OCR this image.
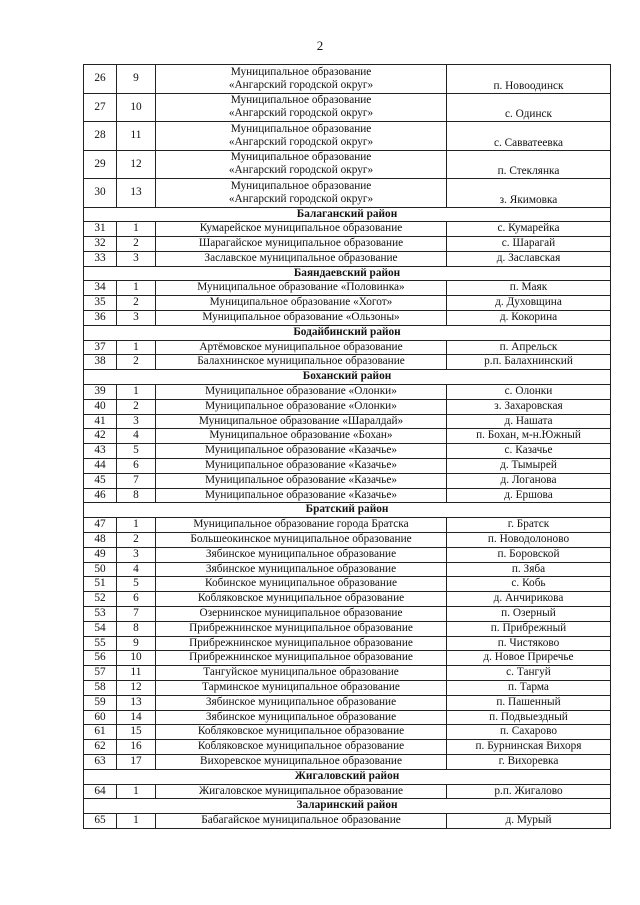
2
26	9	Муниципальное образование
«Ангарский городской округ»	п. Новоодинск
27	10	Муниципальное образование
«Ангарский городской округ»	с. Одинск
28	11	Муниципальное образование
«Ангарский городской округ»	с. Савватеевка
29	12	Муниципальное образование
«Ангарский городской округ»	п. Стеклянка
30	13	Муниципальное образование
«Ангарский городской округ»	з. Якимовка
Балаганский район			
31	1	Кумарейское муниципальное образование	с. Кумарейка
32	2	Шарагайское муниципальное образование	с. Шарагай
33	3	Заславское муниципальное образование	д. Заславская
Баяндаевский район			
34	1	Муниципальное образование «Половинка»	п. Маяк
35	2	Муниципальное образование «Хогот»	д. Духовщина
36	3	Муниципальное образование «Ользоны»	д. Кокорина
Бодайбинский район			
37	1	Артёмовское муниципальное образование	п. Апрельск
38	2	Балахнинское муниципальное образование	р.п. Балахнинский
Боханский район			
39	1	Муниципальное образование «Олонки»	с. Олонки
40	2	Муниципальное образование «Олонки»	з. Захаровская
41	3	Муниципальное образование «Шаралдай»	д. Нашата
42	4	Муниципальное образование «Бохан»	п. Бохан, м-н.Южный
43	5	Муниципальное образование «Казачье»	с. Казачье
44	6	Муниципальное образование «Казачье»	д. Тымырей
45	7	Муниципальное образование «Казачье»	д. Логанова
46	8	Муниципальное образование «Казачье»	д. Ершова
Братский район			
47	1	Муниципальное образование города Братска	г. Братск
48	2	Большеокинское муниципальное образование	п. Новодолоново
49	3	Зябинское муниципальное образование	п. Боровской
50	4	Зябинское муниципальное образование	п. Зяба
51	5	Кобинское муниципальное образование	с. Кобь
52	6	Кобляковское муниципальное образование	д. Анчирикова
53	7	Озернинское муниципальное образование	п. Озерный
54	8	Прибрежнинское муниципальное образование	п. Прибрежный
55	9	Прибрежнинское муниципальное образование	п. Чистяково
56	10	Прибрежнинское муниципальное образование	д. Новое Приречье
57	11	Тангуйское муниципальное образование	с. Тангуй
58	12	Тарминское муниципальное образование	п. Тарма
59	13	Зябинское муниципальное образование	п. Пашенный
60	14	Зябинское муниципальное образование	п. Подвыездный
61	15	Кобляковское муниципальное образование	п. Сахарово
62	16	Кобляковское муниципальное образование	п. Бурнинская Вихоря
63	17	Вихоревское муниципальное образование	г. Вихоревка
Жигаловский район			
64	1	Жигаловское муниципальное образование	р.п. Жигалово
Заларинский район			
65	1	Бабагайское муниципальное образование	д. Мурый
